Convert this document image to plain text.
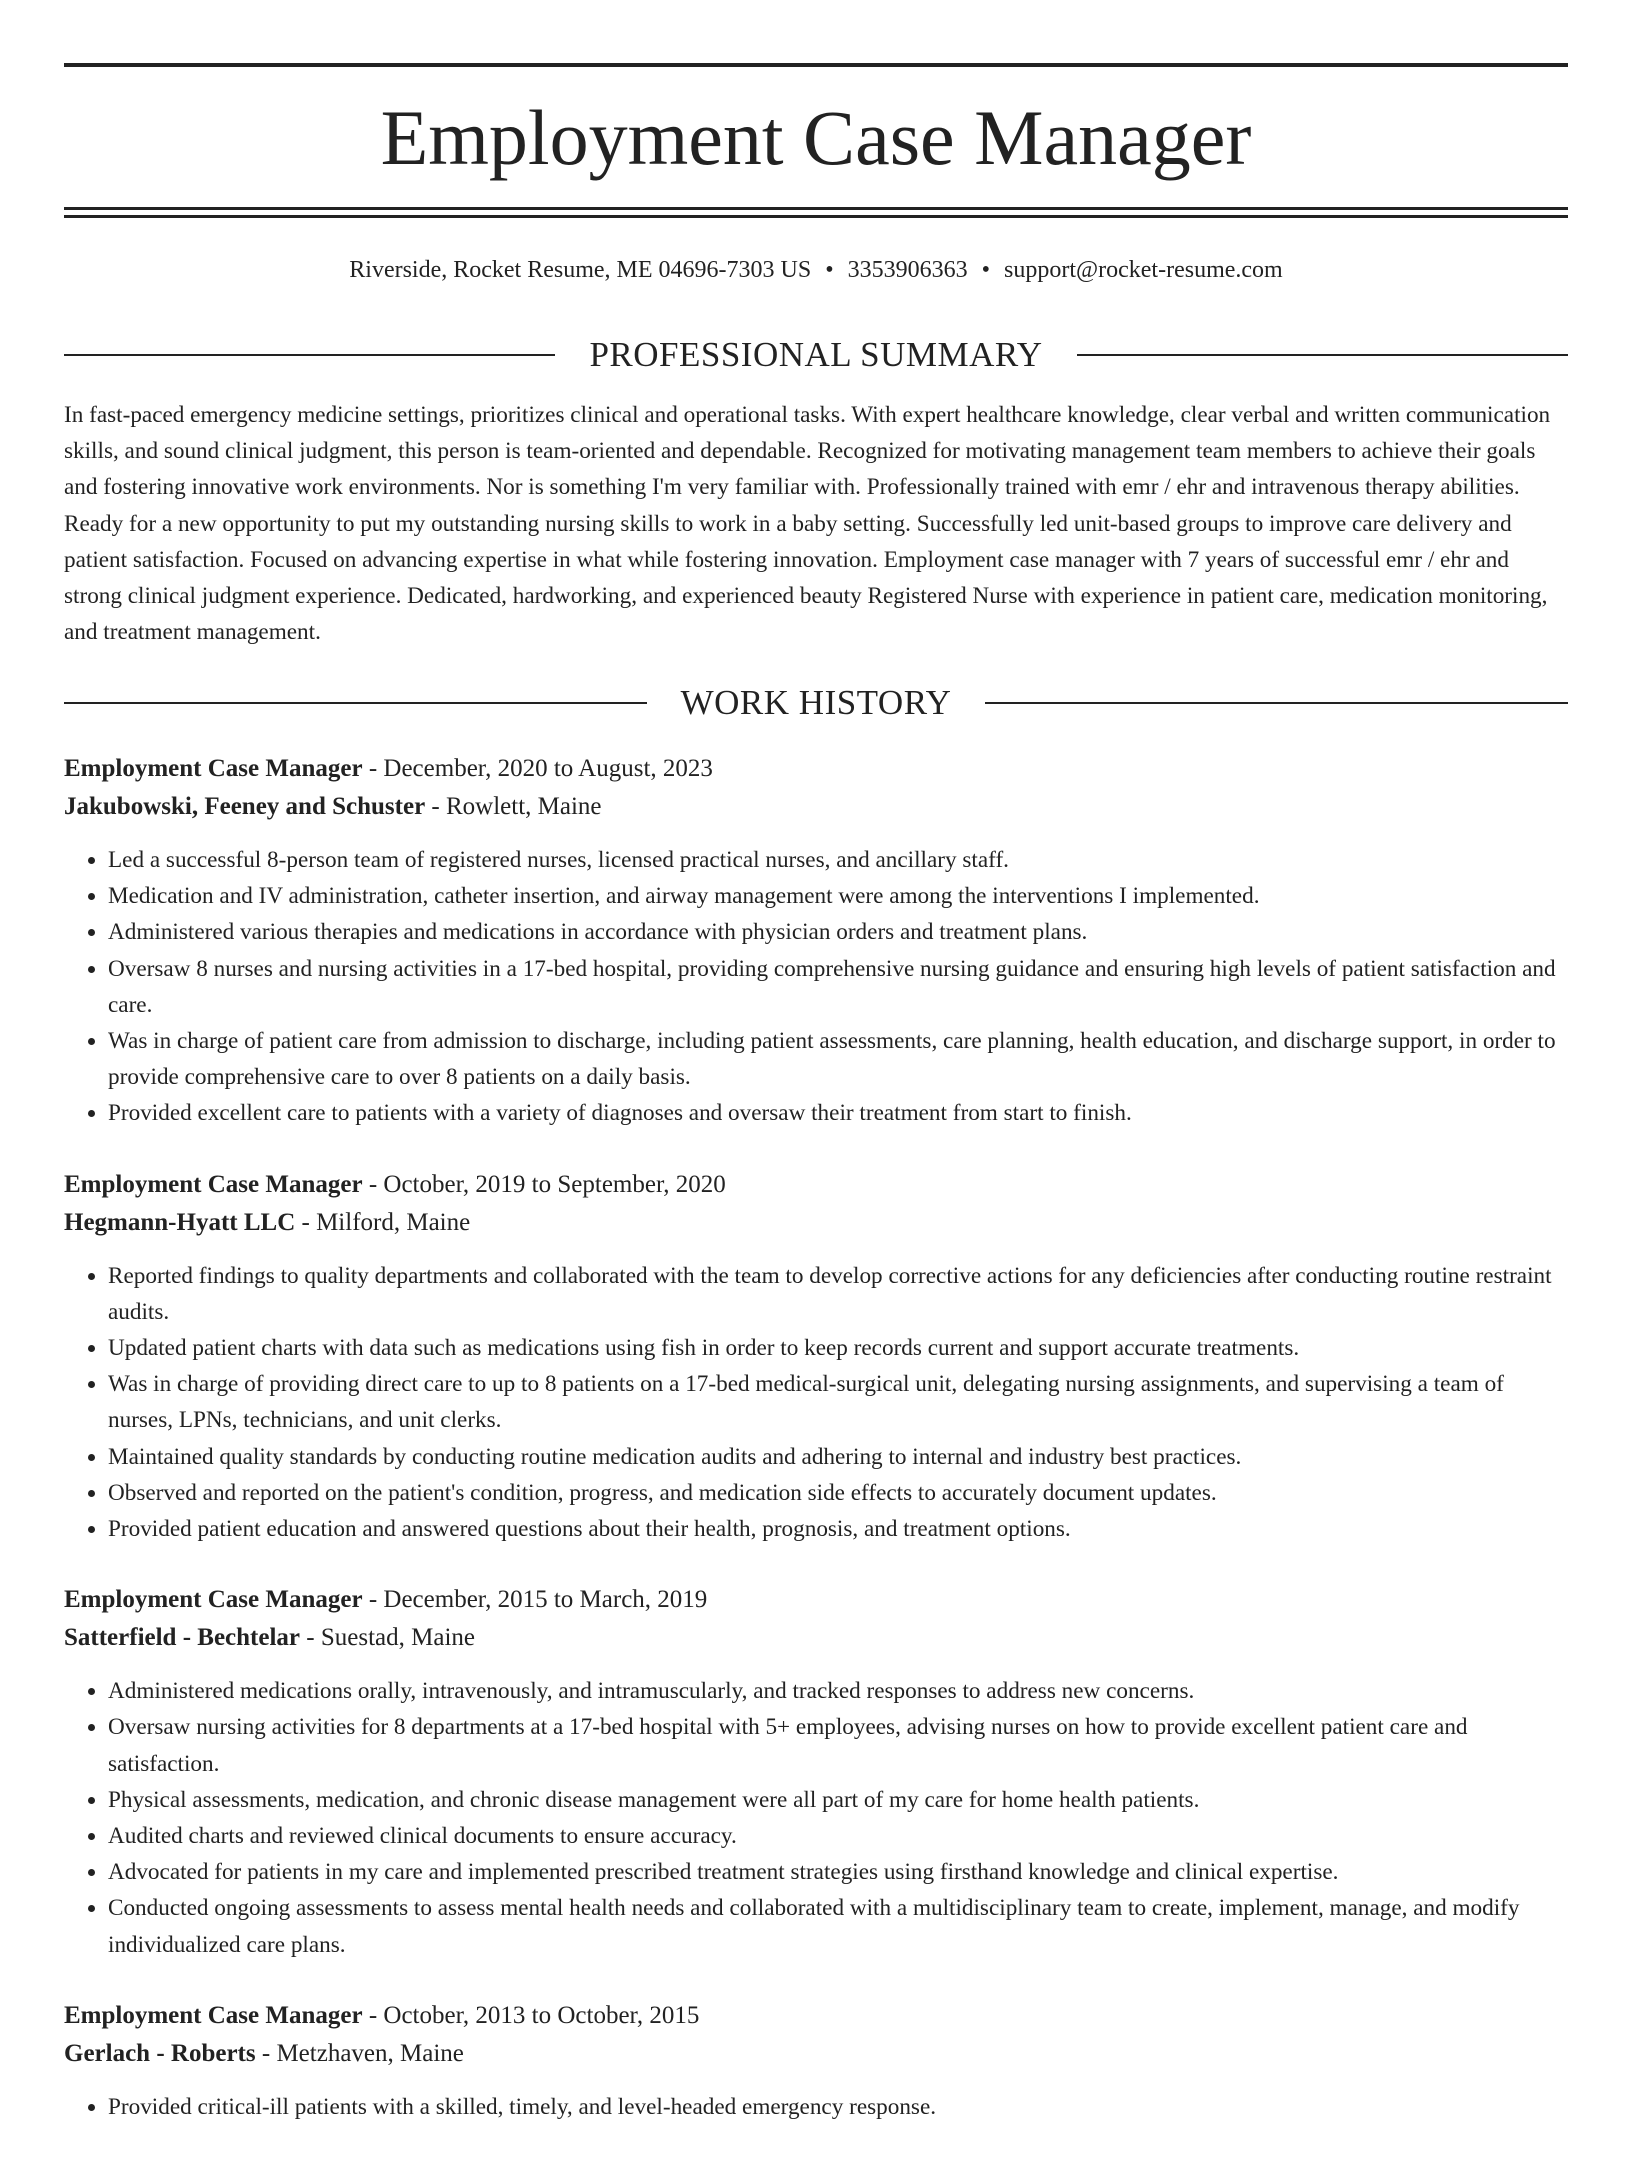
Employment Case Manager
Riverside, Rocket Resume, ME 04696-7303 US • 3353906363 • support@rocket-resume.com
PROFESSIONAL SUMMARY

In fast-paced emergency medicine settings, prioritizes clinical and operational tasks. With expert healthcare knowledge, clear verbal and written communication skills, and sound clinical judgment, this person is team-oriented and dependable. Recognized for motivating management team members to achieve their goals and fostering innovative work environments. Nor is something I'm very familiar with. Professionally trained with emr / ehr and intravenous therapy abilities. Ready for a new opportunity to put my outstanding nursing skills to work in a baby setting. Successfully led unit-based groups to improve care delivery and patient satisfaction. Focused on advancing expertise in what while fostering innovation. Employment case manager with 7 years of successful emr / ehr and strong clinical judgment experience. Dedicated, hardworking, and experienced beauty Registered Nurse with experience in patient care, medication monitoring, and treatment management.

WORK HISTORY

Employment Case Manager - December, 2020 to August, 2023

Jakubowski, Feeney and Schuster - Rowlett, Maine

• Led a successful 8-person team of registered nurses, licensed practical nurses, and ancillary staff.
• Medication and IV administration, catheter insertion, and airway management were among the interventions I implemented.
• Administered various therapies and medications in accordance with physician orders and treatment plans.
• Oversaw 8 nurses and nursing activities in a 17-bed hospital, providing comprehensive nursing guidance and ensuring high levels of patient satisfaction and care.
• Was in charge of patient care from admission to discharge, including patient assessments, care planning, health education, and discharge support, in order to provide comprehensive care to over 8 patients on a daily basis.
• Provided excellent care to patients with a variety of diagnoses and oversaw their treatment from start to finish.

Employment Case Manager - October, 2019 to September, 2020

Hegmann-Hyatt LLC - Milford, Maine

• Reported findings to quality departments and collaborated with the team to develop corrective actions for any deficiencies after conducting routine restraint audits.
• Updated patient charts with data such as medications using fish in order to keep records current and support accurate treatments.
• Was in charge of providing direct care to up to 8 patients on a 17-bed medical-surgical unit, delegating nursing assignments, and supervising a team of nurses, LPNs, technicians, and unit clerks.
• Maintained quality standards by conducting routine medication audits and adhering to internal and industry best practices.
• Observed and reported on the patient's condition, progress, and medication side effects to accurately document updates.
• Provided patient education and answered questions about their health, prognosis, and treatment options.

Employment Case Manager - December, 2015 to March, 2019

Satterfield - Bechtelar - Suestad, Maine

• Administered medications orally, intravenously, and intramuscularly, and tracked responses to address new concerns.
• Oversaw nursing activities for 8 departments at a 17-bed hospital with 5+ employees, advising nurses on how to provide excellent patient care and satisfaction.
• Physical assessments, medication, and chronic disease management were all part of my care for home health patients.
• Audited charts and reviewed clinical documents to ensure accuracy.
• Advocated for patients in my care and implemented prescribed treatment strategies using firsthand knowledge and clinical expertise.
• Conducted ongoing assessments to assess mental health needs and collaborated with a multidisciplinary team to create, implement, manage, and modify individualized care plans.

Employment Case Manager - October, 2013 to October, 2015

Gerlach - Roberts - Metzhaven, Maine

• Provided critical-ill patients with a skilled, timely, and level-headed emergency response.
